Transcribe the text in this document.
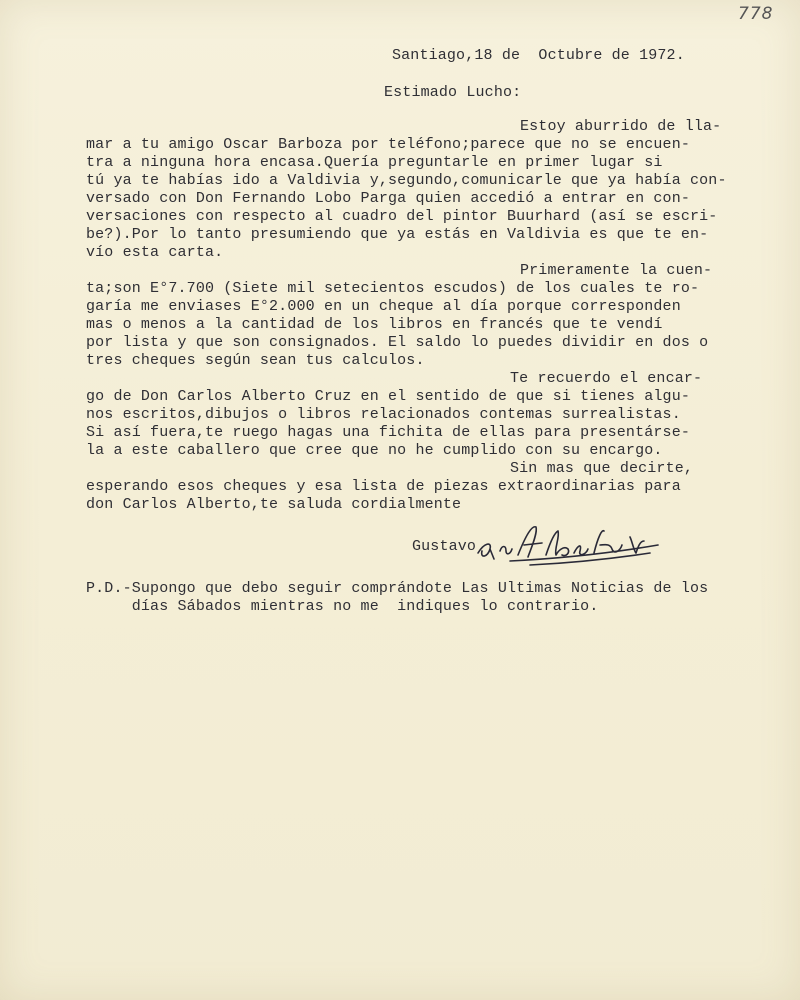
778
Santiago,18 de  Octubre de 1972.
Estimado Lucho:
Estoy aburrido de lla-
mar a tu amigo Oscar Barboza por teléfono;parece que no se encuen-
tra a ninguna hora encasa.Quería preguntarle en primer lugar si
tú ya te habías ido a Valdivia y,segundo,comunicarle que ya había con-
versado con Don Fernando Lobo Parga quien accedió a entrar en con-
versaciones con respecto al cuadro del pintor Buurhard (así se escri-
be?).Por lo tanto presumiendo que ya estás en Valdivia es que te en-
vío esta carta.
Primeramente la cuen-
ta;son E°7.700 (Siete mil setecientos escudos) de los cuales te ro-
garía me enviases E°2.000 en un cheque al día porque corresponden
mas o menos a la cantidad de los libros en francés que te vendí
por lista y que son consignados. El saldo lo puedes dividir en dos o
tres cheques según sean tus calculos.
Te recuerdo el encar-
go de Don Carlos Alberto Cruz en el sentido de que si tienes algu-
nos escritos,dibujos o libros relacionados contemas surrealistas.
Si así fuera,te ruego hagas una fichita de ellas para presentárse-
la a este caballero que cree que no he cumplido con su encargo.
Sin mas que decirte,
esperando esos cheques y esa lista de piezas extraordinarias para
don Carlos Alberto,te saluda cordialmente
Gustavo
P.D.-Supongo que debo seguir comprándote Las Ultimas Noticias de los
días Sábados mientras no me  indiques lo contrario.
